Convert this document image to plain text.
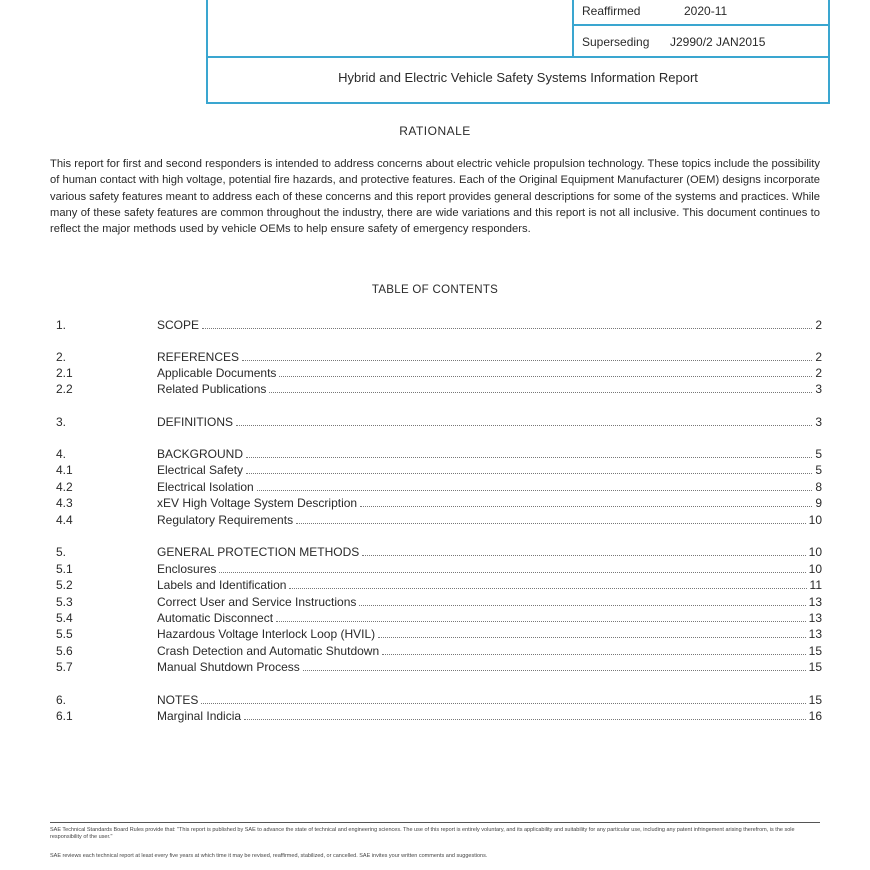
Reaffirmed	2020-11
Superseding J2990/2 JAN2015
Hybrid and Electric Vehicle Safety Systems Information Report
RATIONALE
This report for first and second responders is intended to address concerns about electric vehicle propulsion technology. These topics include the possibility of human contact with high voltage, potential fire hazards, and protective features. Each of the Original Equipment Manufacturer (OEM) designs incorporate various safety features meant to address each of these concerns and this report provides general descriptions for some of the systems and practices. While many of these safety features are common throughout the industry, there are wide variations and this report is not all inclusive. This document continues to reflect the major methods used by vehicle OEMs to help ensure safety of emergency responders.
TABLE OF CONTENTS
1.	SCOPE	2
2.	REFERENCES	2
2.1	Applicable Documents	2
2.2	Related Publications	3
3.	DEFINITIONS	3
4.	BACKGROUND	5
4.1	Electrical Safety	5
4.2	Electrical Isolation	8
4.3	xEV High Voltage System Description	9
4.4	Regulatory Requirements	10
5.	GENERAL PROTECTION METHODS	10
5.1	Enclosures	10
5.2	Labels and Identification	11
5.3	Correct User and Service Instructions	13
5.4	Automatic Disconnect	13
5.5	Hazardous Voltage Interlock Loop (HVIL)	13
5.6	Crash Detection and Automatic Shutdown	15
5.7	Manual Shutdown Process	15
6.	NOTES	15
6.1	Marginal Indicia	16
SAE Technical Standards Board Rules provide that: "This report is published by SAE to advance the state of technical and engineering sciences. The use of this report is entirely voluntary, and its applicability and suitability for any particular use, including any patent infringement arising therefrom, is the sole responsibility of the user."
SAE reviews each technical report at least every five years at which time it may be revised, reaffirmed, stabilized, or cancelled. SAE invites your written comments and suggestions.
